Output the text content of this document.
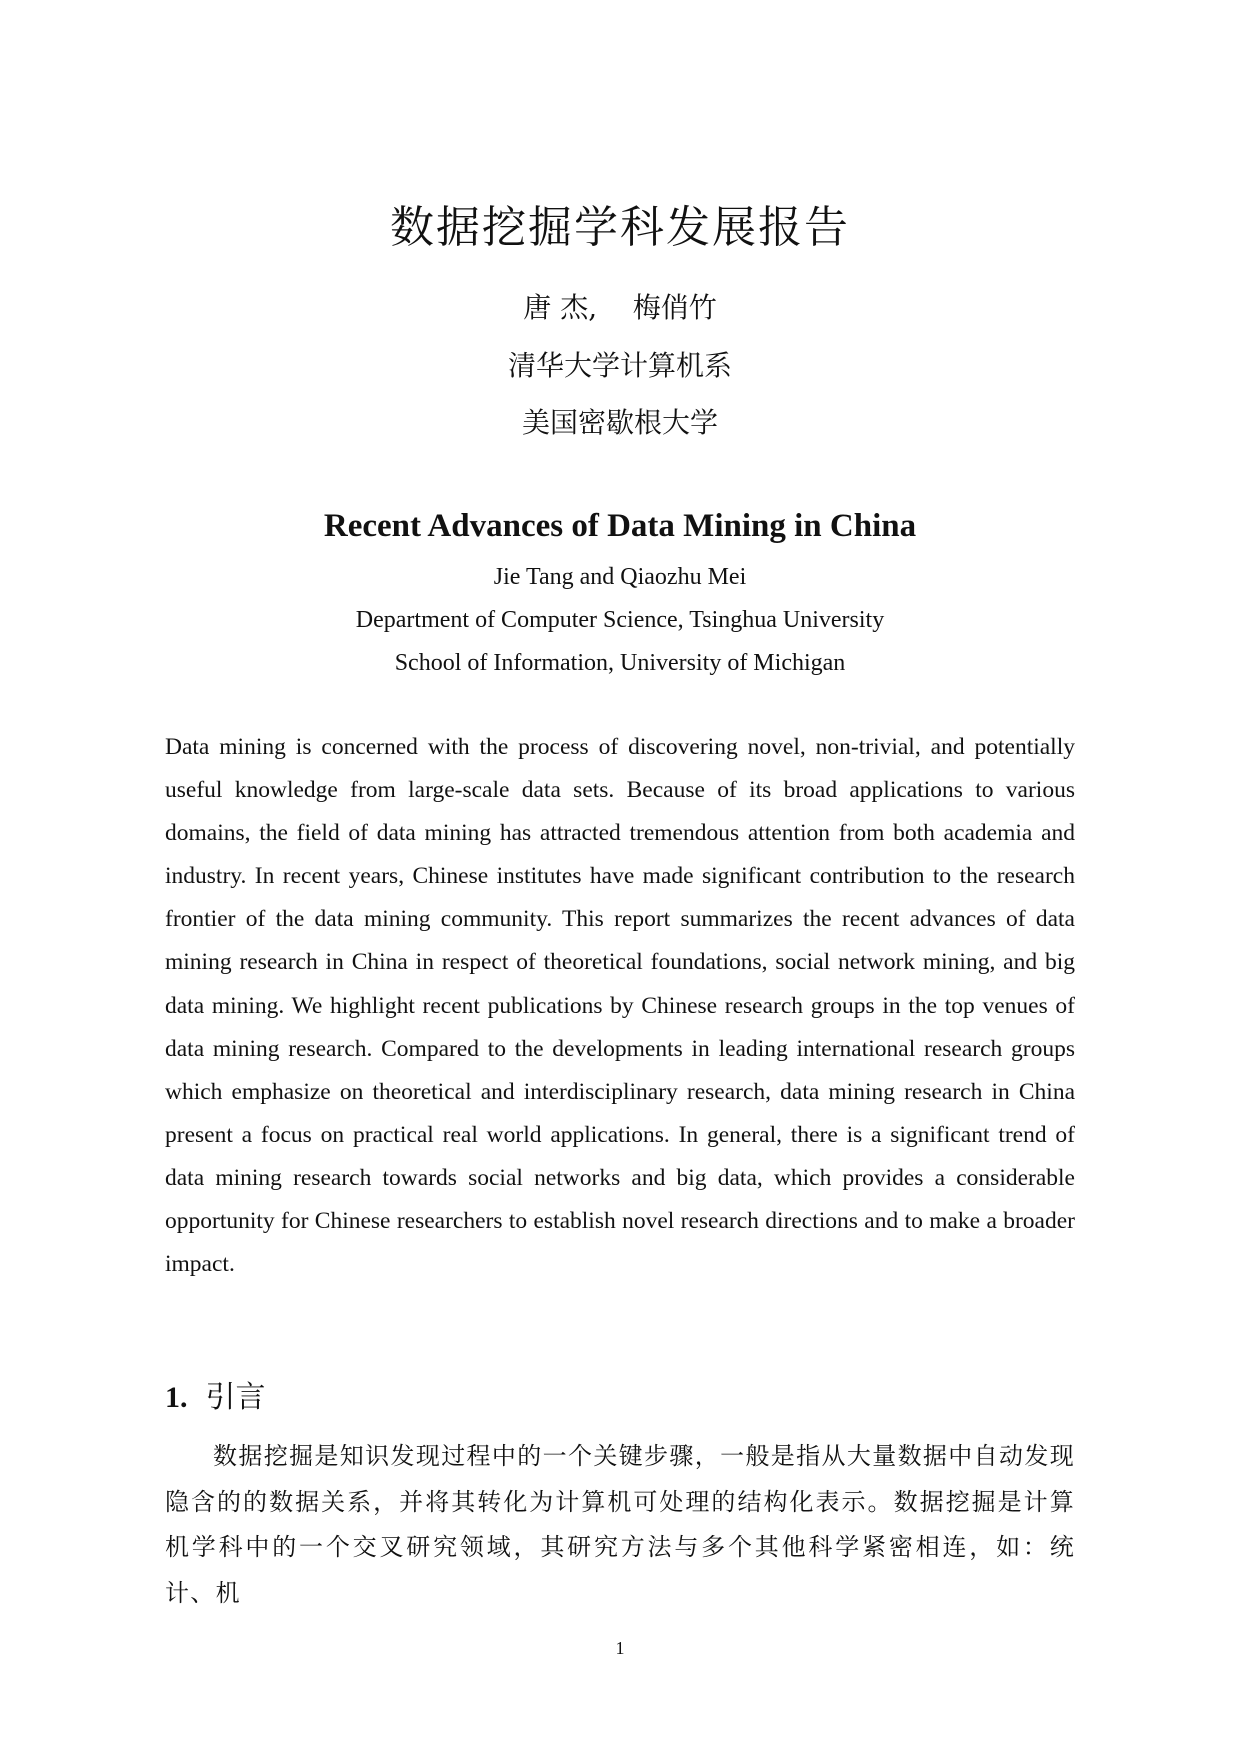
数据挖掘学科发展报告
唐 杰,    梅俏竹
清华大学计算机系
美国密歇根大学
Recent Advances of Data Mining in China
Jie Tang and Qiaozhu Mei
Department of Computer Science, Tsinghua University
School of Information, University of Michigan

Data mining is concerned with the process of discovering novel, non-trivial, and potentially useful knowledge from large-scale data sets. Because of its broad applications to various domains, the field of data mining has attracted tremendous attention from both academia and industry. In recent years, Chinese institutes have made significant contribution to the research frontier of the data mining community. This report summarizes the recent advances of data mining research in China in respect of theoretical foundations, social network mining, and big data mining. We highlight recent publications by Chinese research groups in the top venues of data mining research. Compared to the developments in leading international research groups which emphasize on theoretical and interdisciplinary research, data mining research in China present a focus on practical real world applications. In general, there is a significant trend of data mining research towards social networks and big data, which provides a considerable opportunity for Chinese researchers to establish novel research directions and to make a broader impact.

1. 引言

数据挖掘是知识发现过程中的一个关键步骤，一般是指从大量数据中自动发现隐含的的数据关系，并将其转化为计算机可处理的结构化表示。数据挖掘是计算机学科中的一个交叉研究领域，其研究方法与多个其他科学紧密相连，如：统计、机

1
